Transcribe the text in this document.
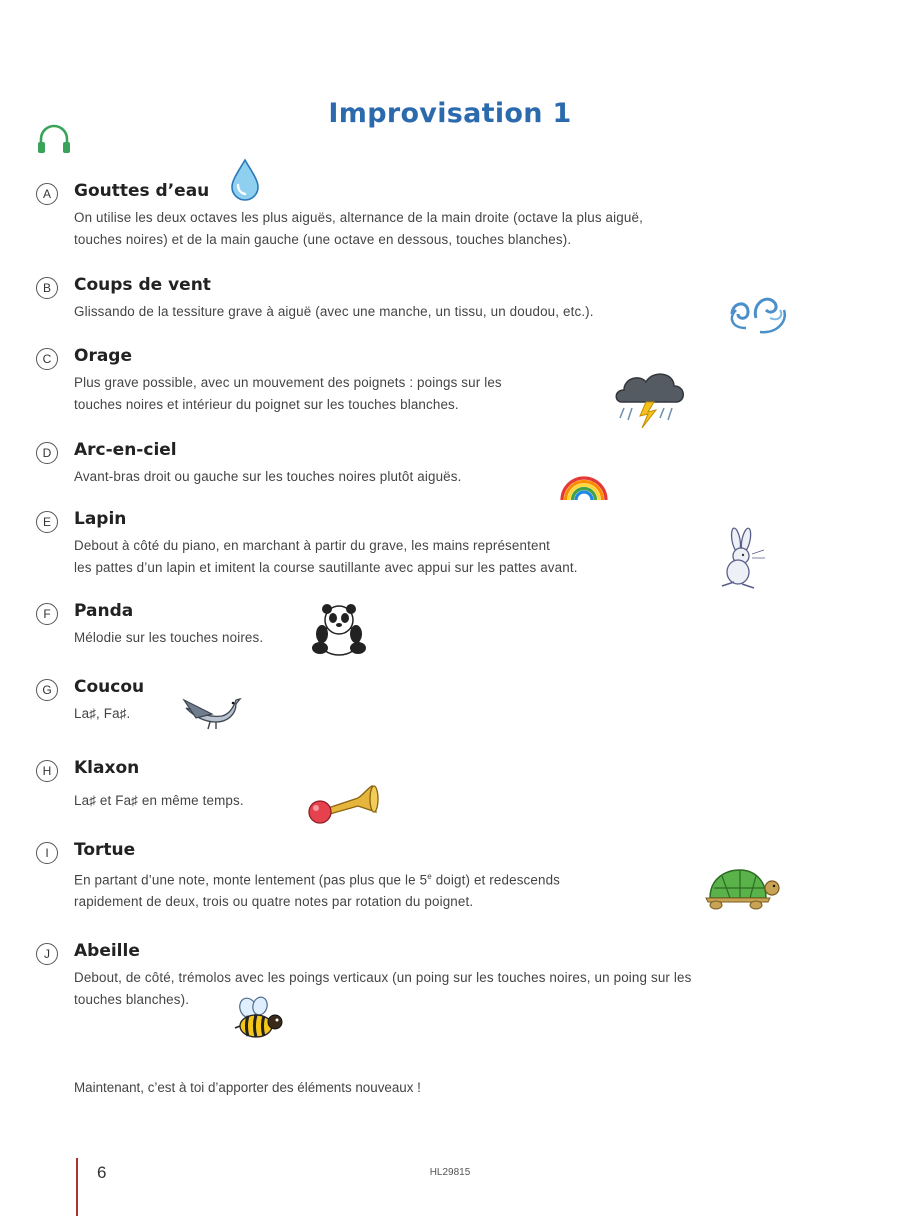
Improvisation 1
A	Gouttes d’eau
On utilise les deux octaves les plus aiguës, alternance de la main droite (octave la plus aiguë,
touches noires) et de la main gauche (une octave en dessous, touches blanches).
B	Coups de vent
Glissando de la tessiture grave à aiguë (avec une manche, un tissu, un doudou, etc.).
C	Orage
Plus grave possible, avec un mouvement des poignets : poings sur les
touches noires et intérieur du poignet sur les touches blanches.
D	Arc-en-ciel
Avant-bras droit ou gauche sur les touches noires plutôt aiguës.
E	Lapin
Debout à côté du piano, en marchant à partir du grave, les mains représentent
les pattes d’un lapin et imitent la course sautillante avec appui sur les pattes avant.
F	Panda
Mélodie sur les touches noires.
G	Coucou
La♯, Fa♯.
H	Klaxon
La♯ et Fa♯ en même temps.
I	Tortue
En partant d’une note, monte lentement (pas plus que le 5e doigt) et redescends
rapidement de deux, trois ou quatre notes par rotation du poignet.
J	Abeille
Debout, de côté, trémolos avec les poings verticaux (un poing sur les touches noires, un poing sur les
touches blanches).
Maintenant, c’est à toi d’apporter des éléments nouveaux !
6	HL29815
